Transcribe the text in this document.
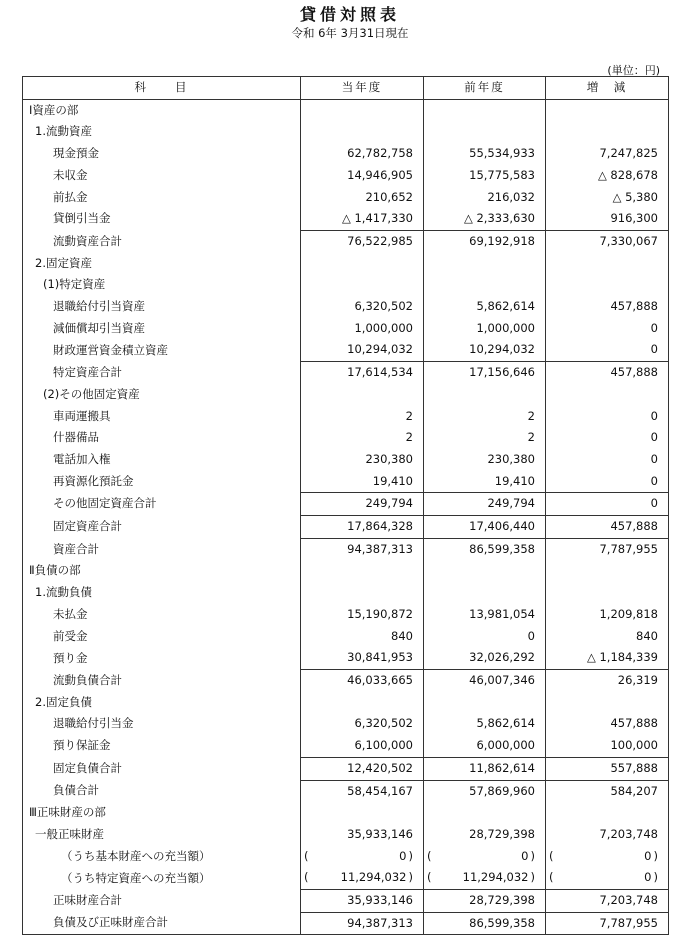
貸借対照表
令和 6年 3月31日現在
(単位：円)
科　　目	当年度	前年度	増　減
Ⅰ資産の部			
1.流動資産			
現金預金	62,782,758	55,534,933	7,247,825
未収金	14,946,905	15,775,583	△ 828,678
前払金	210,652	216,032	△ 5,380
貸倒引当金	△ 1,417,330	△ 2,333,630	916,300
流動資産合計	76,522,985	69,192,918	7,330,067
2.固定資産			
(1)特定資産			
退職給付引当資産	6,320,502	5,862,614	457,888
減価償却引当資産	1,000,000	1,000,000	0
財政運営資金積立資産	10,294,032	10,294,032	0
特定資産合計	17,614,534	17,156,646	457,888
(2)その他固定資産			
車両運搬具	2	2	0
什器備品	2	2	0
電話加入権	230,380	230,380	0
再資源化預託金	19,410	19,410	0
その他固定資産合計	249,794	249,794	0
固定資産合計	17,864,328	17,406,440	457,888
資産合計	94,387,313	86,599,358	7,787,955
Ⅱ負債の部			
1.流動負債			
未払金	15,190,872	13,981,054	1,209,818
前受金	840	0	840
預り金	30,841,953	32,026,292	△ 1,184,339
流動負債合計	46,033,665	46,007,346	26,319
2.固定負債			
退職給付引当金	6,320,502	5,862,614	457,888
預り保証金	6,100,000	6,000,000	100,000
固定負債合計	12,420,502	11,862,614	557,888
負債合計	58,454,167	57,869,960	584,207
Ⅲ正味財産の部			
一般正味財産	35,933,146	28,729,398	7,203,748
（うち基本財産への充当額）	( 0 )	( 0 )	( 0 )
（うち特定資産への充当額）	( 11,294,032 )	( 11,294,032 )	( 0 )
正味財産合計	35,933,146	28,729,398	7,203,748
負債及び正味財産合計	94,387,313	86,599,358	7,787,955
